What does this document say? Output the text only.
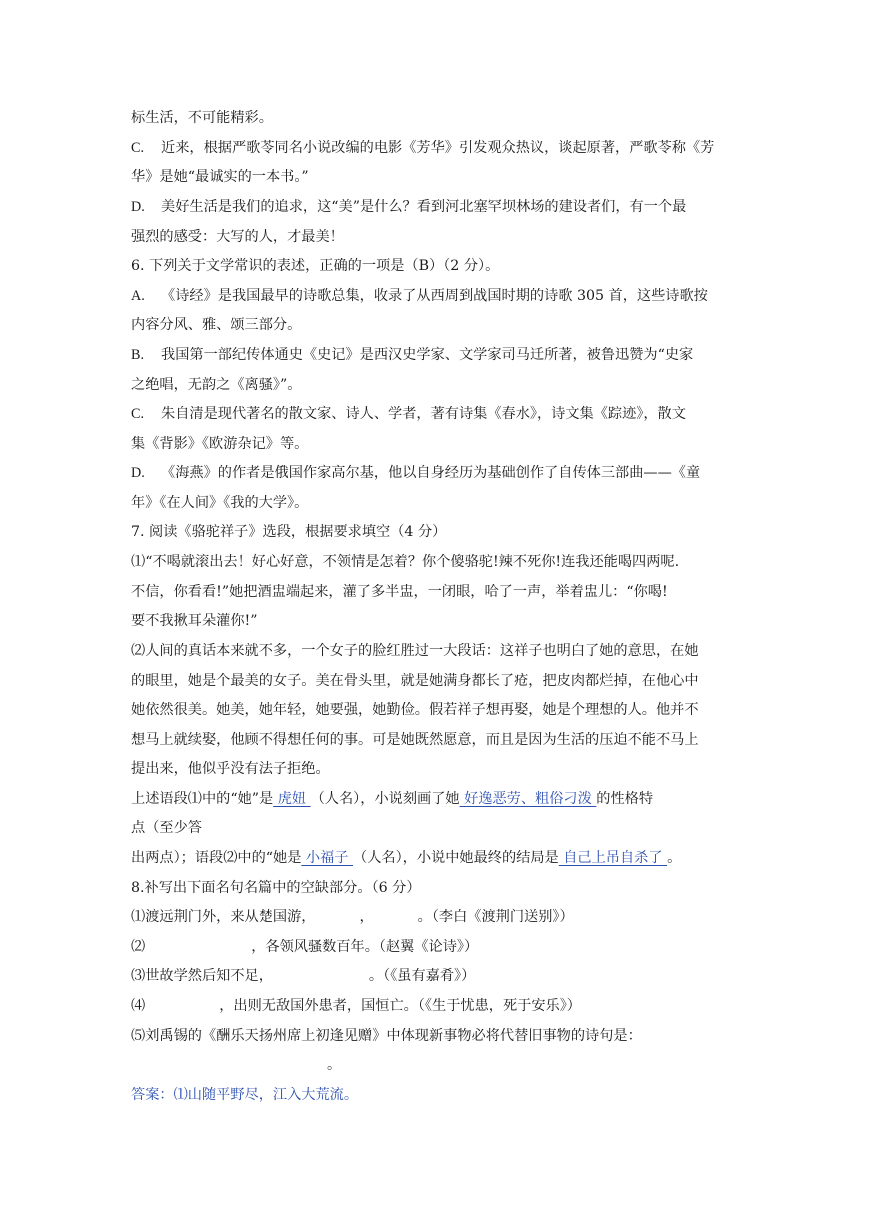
标生活，不可能精彩。
C. 近来，根据严歌苓同名小说改编的电影《芳华》引发观众热议，谈起原著，严歌苓称《芳
华》是她“最诚实的一本书。”
D. 美好生活是我们的追求，这“美”是什么？看到河北塞罕坝林场的建设者们，有一个最
强烈的感受：大写的人，才最美！
6. 下列关于文学常识的表述，正确的一项是（B）（2 分）。
A. 《诗经》是我国最早的诗歌总集，收录了从西周到战国时期的诗歌 305 首，这些诗歌按
内容分风、雅、颂三部分。
B. 我国第一部纪传体通史《史记》是西汉史学家、文学家司马迁所著，被鲁迅赞为“史家
之绝唱，无韵之《离骚》”。
C. 朱自清是现代著名的散文家、诗人、学者，著有诗集《春水》，诗文集《踪迹》，散文
集《背影》《欧游杂记》等。
D. 《海燕》的作者是俄国作家高尔基，他以自身经历为基础创作了自传体三部曲——《童
年》《在人间》《我的大学》。
7. 阅读《骆驼祥子》选段，根据要求填空（4 分）
⑴“不喝就滚出去！好心好意，不领情是怎着？你个傻骆驼!辣不死你!连我还能喝四两呢.
不信，你看看!”她把酒盅端起来，灌了多半盅，一闭眼，哈了一声，举着盅儿：“你喝!
要不我揪耳朵灌你!”
⑵人间的真话本来就不多，一个女子的脸红胜过一大段话：这祥子也明白了她的意思，在她
的眼里，她是个最美的女子。美在骨头里，就是她满身都长了疮，把皮肉都烂掉，在他心中
她依然很美。她美，她年轻，她要强，她勤俭。假若祥子想再娶，她是个理想的人。他并不
想马上就续娶，他顾不得想任何的事。可是她既然愿意，而且是因为生活的压迫不能不马上
提出来，他似乎没有法子拒绝。
上述语段⑴中的“她”是 虎妞 （人名），小说刻画了她 好逸恶劳、粗俗刁泼 的性格特
点（至少答
出两点）；语段⑵中的“她是 小福子 （人名），小说中她最终的结局是 自己上吊自杀了 。
8.补写出下面名句名篇中的空缺部分。（6 分）
⑴渡远荆门外，来从楚国游，	，	。（李白《渡荆门送别》）
⑵	，各领风骚数百年。（赵翼《论诗》）
⑶世故学然后知不足，	。（《虽有嘉肴》）
⑷	，出则无敌国外患者，国恒亡。（《生于忧患，死于安乐》）
⑸刘禹锡的《酬乐天扬州席上初逢见赠》中体现新事物必将代替旧事物的诗句是：
。
答案：⑴山随平野尽，江入大荒流。
